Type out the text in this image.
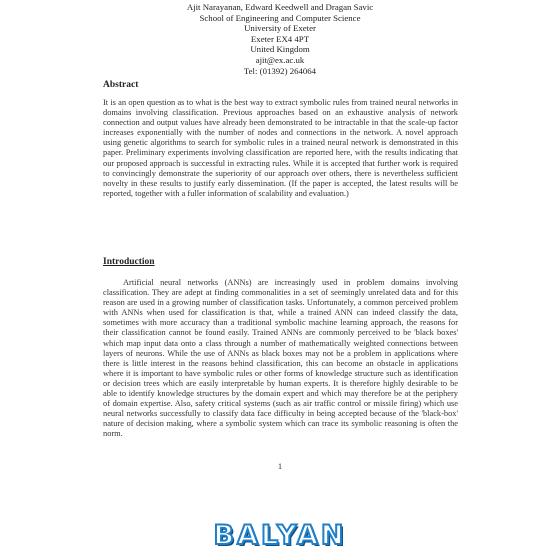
Ajit Narayanan, Edward Keedwell and Dragan Savic
School of Engineering and Computer Science
University of Exeter
Exeter EX4 4PT
United Kingdom
ajit@ex.ac.uk
Tel: (01392) 264064
Abstract
It is an open question as to what is the best way to extract symbolic rules from trained neural networks in domains involving classification. Previous approaches based on an exhaustive analysis of network connection and output values have already been demonstrated to be intractable in that the scale-up factor increases exponentially with the number of nodes and connections in the network. A novel approach using genetic algorithms to search for symbolic rules in a trained neural network is demonstrated in this paper. Preliminary experiments involving classification are reported here, with the results indicating that our proposed approach is successful in extracting rules. While it is accepted that further work is required to convincingly demonstrate the superiority of our approach over others, there is nevertheless sufficient novelty in these results to justify early dissemination. (If the paper is accepted, the latest results will be reported, together with a fuller information of scalability and evaluation.)
Introduction
Artificial neural networks (ANNs) are increasingly used in problem domains involving classification. They are adept at finding commonalities in a set of seemingly unrelated data and for this reason are used in a growing number of classification tasks. Unfortunately, a common perceived problem with ANNs when used for classification is that, while a trained ANN can indeed classify the data, sometimes with more accuracy than a traditional symbolic machine learning approach, the reasons for their classification cannot be found easily. Trained ANNs are commonly perceived to be 'black boxes' which map input data onto a class through a number of mathematically weighted connections between layers of neurons. While the use of ANNs as black boxes may not be a problem in applications where there is little interest in the reasons behind classification, this can become an obstacle in applications where it is important to have symbolic rules or other forms of knowledge structure such as identification or decision trees which are easily interpretable by human experts. It is therefore highly desirable to be able to identify knowledge structures by the domain expert and which may therefore be at the periphery of domain expertise. Also, safety critical systems (such as air traffic control or missile firing) which use neural networks successfully to classify data face difficulty in being accepted because of the 'black-box' nature of decision making, where a symbolic system which can trace its symbolic reasoning is often the norm.
1
BALYAN
